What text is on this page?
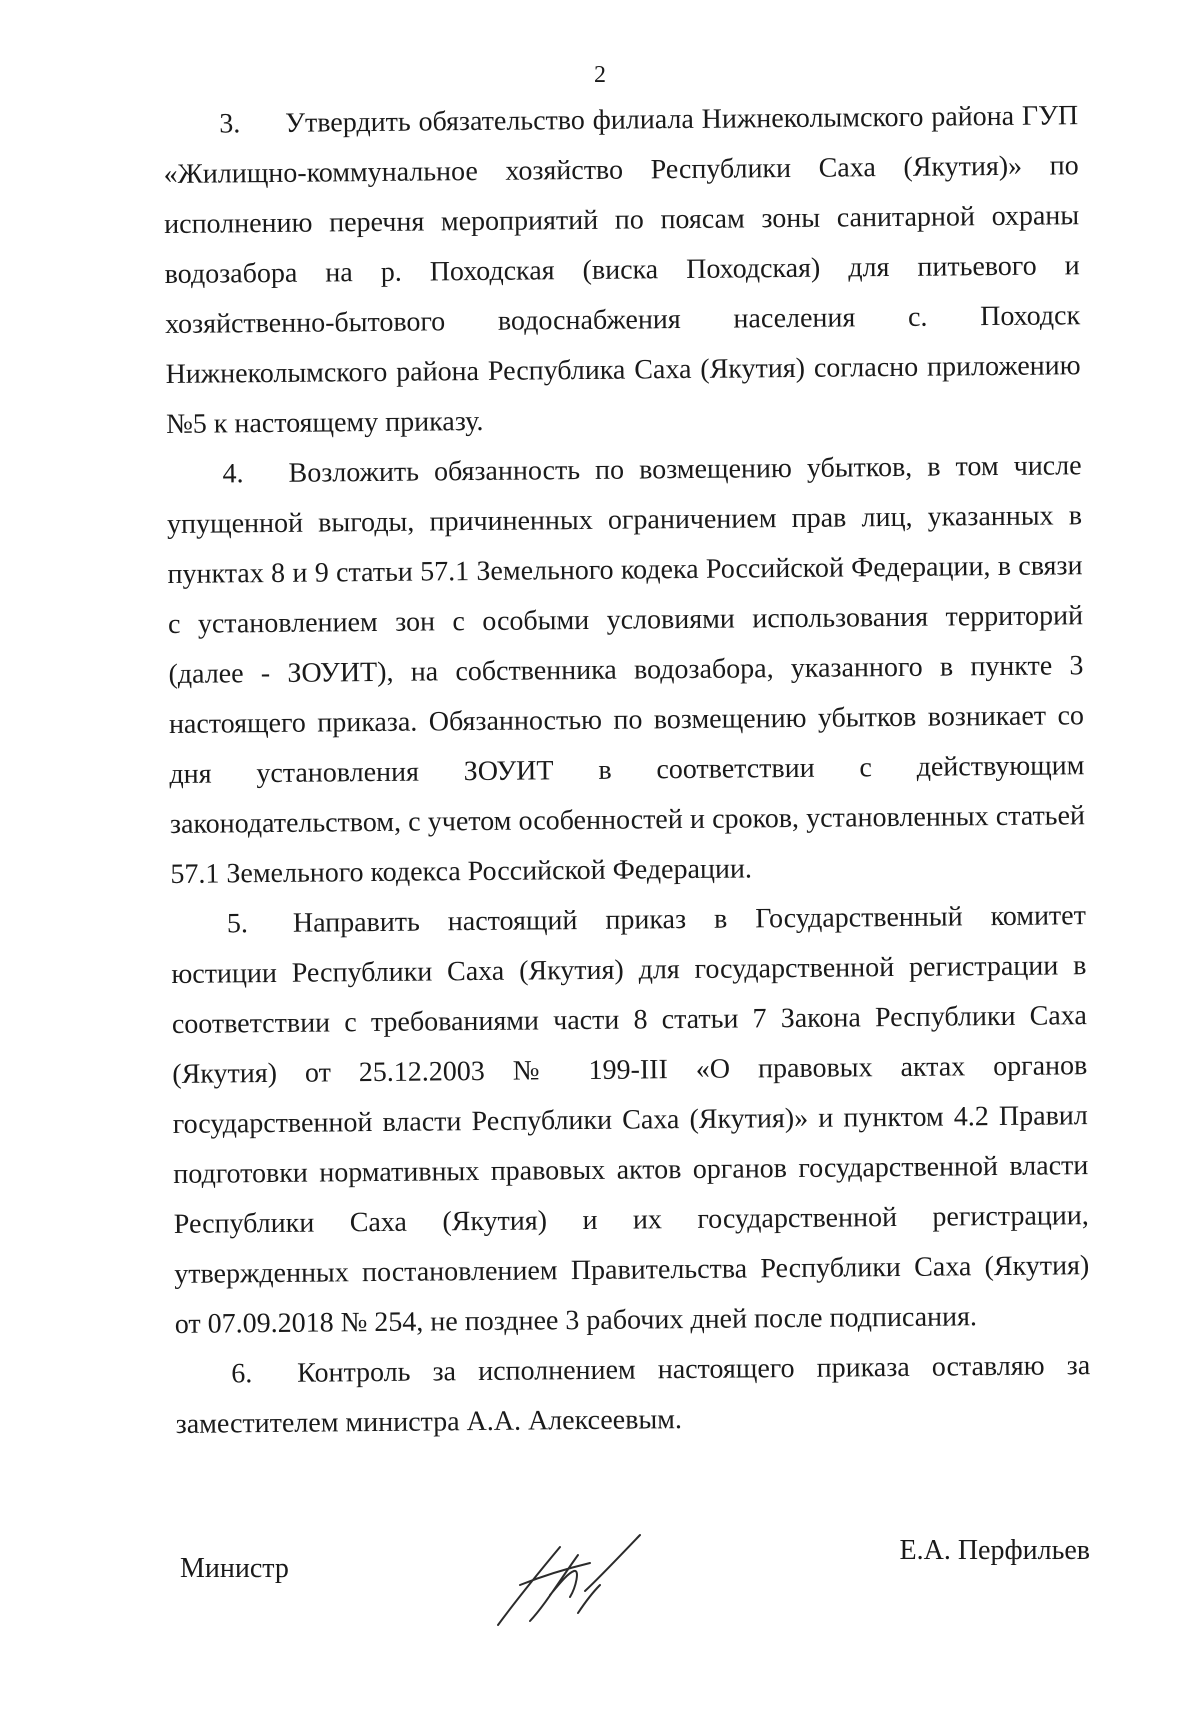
2

3. Утвердить обязательство филиала Нижнеколымского района ГУП «Жилищно-коммунальное хозяйство Республики Саха (Якутия)» по исполнению перечня мероприятий по поясам зоны санитарной охраны водозабора на р. Походская (виска Походская) для питьевого и хозяйственно-бытового водоснабжения населения с. Походск Нижнеколымского района Республика Саха (Якутия) согласно приложению №5 к настоящему приказу.

4. Возложить обязанность по возмещению убытков, в том числе упущенной выгоды, причиненных ограничением прав лиц, указанных в пунктах 8 и 9 статьи 57.1 Земельного кодека Российской Федерации, в связи с установлением зон с особыми условиями использования территорий (далее - ЗОУИТ), на собственника водозабора, указанного в пункте 3 настоящего приказа. Обязанностью по возмещению убытков возникает со дня установления ЗОУИТ в соответствии с действующим законодательством, с учетом особенностей и сроков, установленных статьей 57.1 Земельного кодекса Российской Федерации.

5. Направить настоящий приказ в Государственный комитет юстиции Республики Саха (Якутия) для государственной регистрации в соответствии с требованиями части 8 статьи 7 Закона Республики Саха (Якутия) от 25.12.2003 № 199-III «О правовых актах органов государственной власти Республики Саха (Якутия)» и пунктом 4.2 Правил подготовки нормативных правовых актов органов государственной власти Республики Саха (Якутия) и их государственной регистрации, утвержденных постановлением Правительства Республики Саха (Якутия) от 07.09.2018 № 254, не позднее 3 рабочих дней после подписания.

6. Контроль за исполнением настоящего приказа оставляю за заместителем министра А.А. Алексеевым.

Министр
Е.А. Перфильев
